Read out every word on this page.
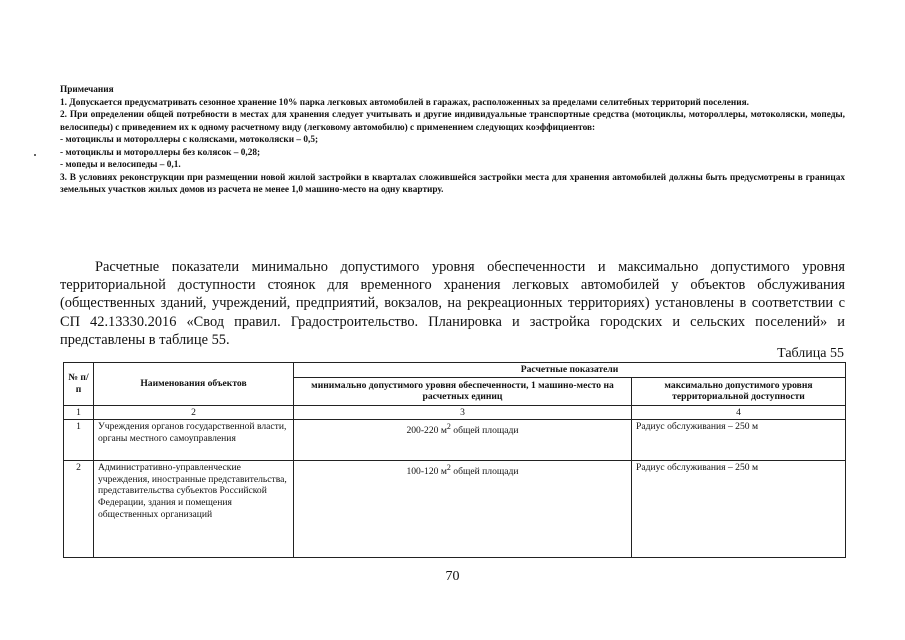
Примечания

1. Допускается предусматривать сезонное хранение 10% парка легковых автомобилей в гаражах, расположенных за пределами селитебных территорий поселения.

2. При определении общей потребности в местах для хранения следует учитывать и другие индивидуальные транспортные средства (мотоциклы, мотороллеры, мотоколяски, мопеды, велосипеды) с приведением их к одному расчетному виду (легковому автомобилю) с применением следующих коэффициентов:

- мотоциклы и мотороллеры с колясками, мотоколяски – 0,5;

- мотоциклы и мотороллеры без колясок – 0,28;

- мопеды и велосипеды – 0,1.

3. В условиях реконструкции при размещении новой жилой застройки в кварталах сложившейся застройки места для хранения автомобилей должны быть предусмотрены в границах земельных участков жилых домов из расчета не менее 1,0 машино-место на одну квартиру.

Расчетные показатели минимально допустимого уровня обеспеченности и максимально допустимого уровня территориальной доступности стоянок для временного хранения легковых автомобилей у объектов обслуживания (общественных зданий, учреждений, предприятий, вокзалов, на рекреационных территориях) установлены в соответствии с СП 42.13330.2016 «Свод правил. Градостроительство. Планировка и застройка городских и сельских поселений» и представлены в таблице 55.

Таблица 55

№ п/п	Наименования объектов	Расчетные показатели	
		минимально допустимого уровня обеспеченности, 1 машино-место на расчетных единиц	максимально допустимого уровня территориальной доступности
1	2	3	4
1	Учреждения органов государственной власти, органы местного самоуправления	200-220 $м^2$ общей площади	Радиус обслуживания – 250 м
2	Административно-управленческие учреждения, иностранные представительства, представительства субъектов Российской Федерации, здания и помещения общественных организаций	100-120 $м^2$ общей площади	Радиус обслуживания – 250 м

70
